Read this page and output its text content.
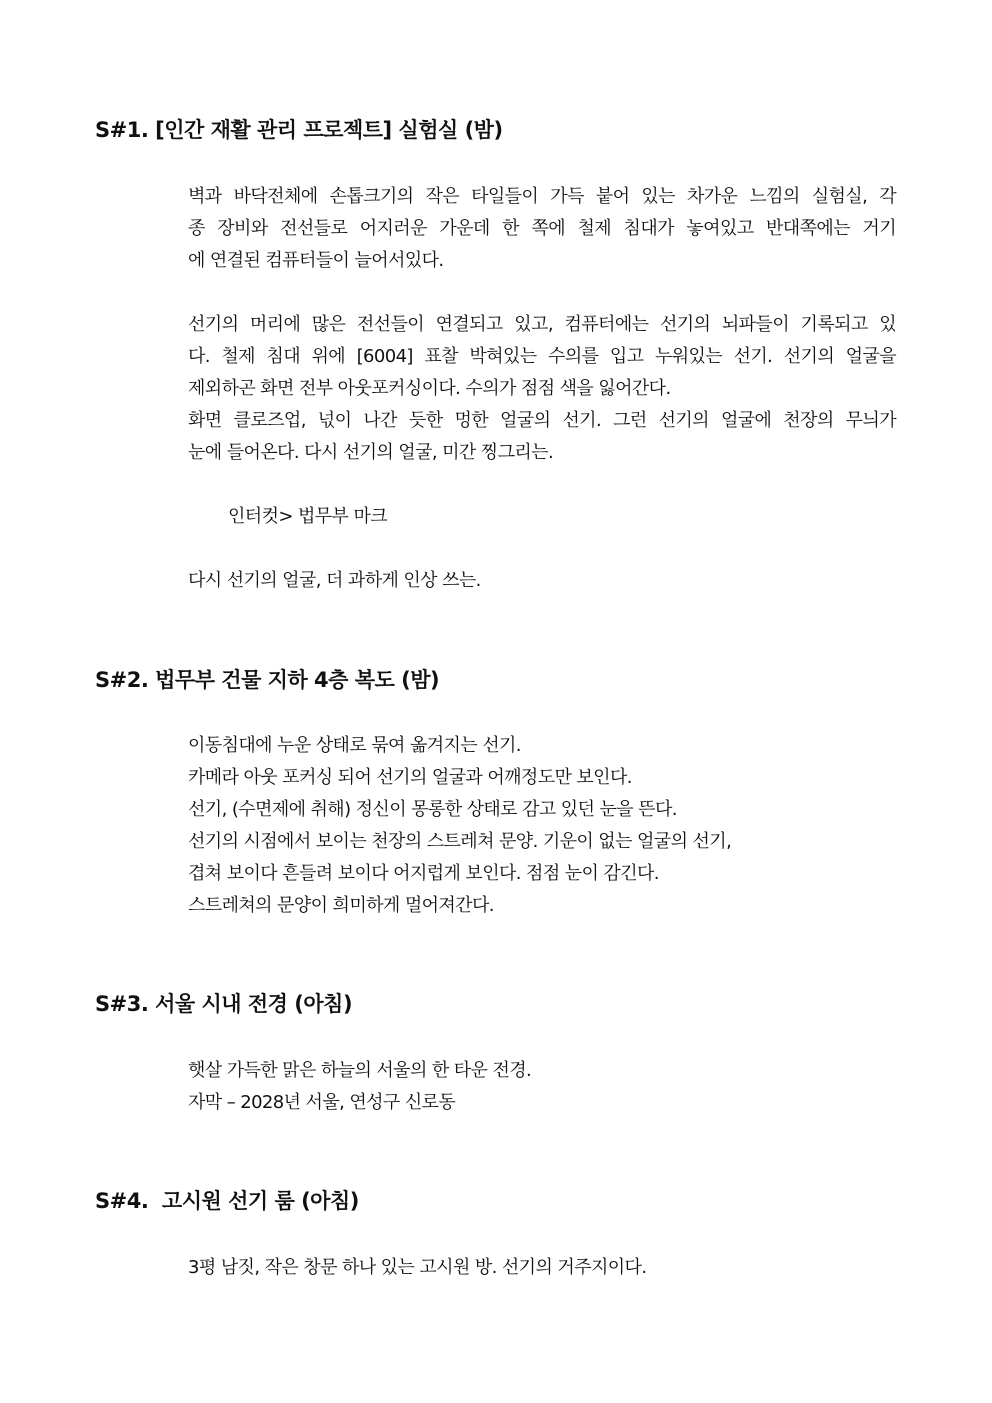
S#1. [인간 재활 관리 프로젝트] 실험실 (밤)
벽과 바닥전체에 손톱크기의 작은 타일들이 가득 붙어 있는 차가운 느낌의 실험실, 각
종 장비와 전선들로 어지러운 가운데 한 쪽에 철제 침대가 놓여있고 반대쪽에는 거기
에 연결된 컴퓨터들이 늘어서있다.
선기의 머리에 많은 전선들이 연결되고 있고, 컴퓨터에는 선기의 뇌파들이 기록되고 있
다. 철제 침대 위에 [6004] 표찰 박혀있는 수의를 입고 누워있는 선기. 선기의 얼굴을
제외하곤 화면 전부 아웃포커싱이다. 수의가 점점 색을 잃어간다.
화면 클로즈업, 넋이 나간 듯한 멍한 얼굴의 선기. 그런 선기의 얼굴에 천장의 무늬가
눈에 들어온다. 다시 선기의 얼굴, 미간 찡그리는.
인터컷> 법무부 마크
다시 선기의 얼굴, 더 과하게 인상 쓰는.
S#2. 법무부 건물 지하 4층 복도 (밤)
이동침대에 누운 상태로 묶여 옮겨지는 선기.
카메라 아웃 포커싱 되어 선기의 얼굴과 어깨정도만 보인다.
선기, (수면제에 취해) 정신이 몽롱한 상태로 감고 있던 눈을 뜬다.
선기의 시점에서 보이는 천장의 스트레쳐 문양. 기운이 없는 얼굴의 선기,
겹쳐 보이다 흔들려 보이다 어지럽게 보인다. 점점 눈이 감긴다.
스트레쳐의 문양이 희미하게 멀어져간다.
S#3. 서울 시내 전경 (아침)
햇살 가득한 맑은 하늘의 서울의 한 타운 전경.
자막 – 2028년 서울, 연성구 신로동
S#4.  고시원 선기 룸 (아침)
3평 남짓, 작은 창문 하나 있는 고시원 방. 선기의 거주지이다.
